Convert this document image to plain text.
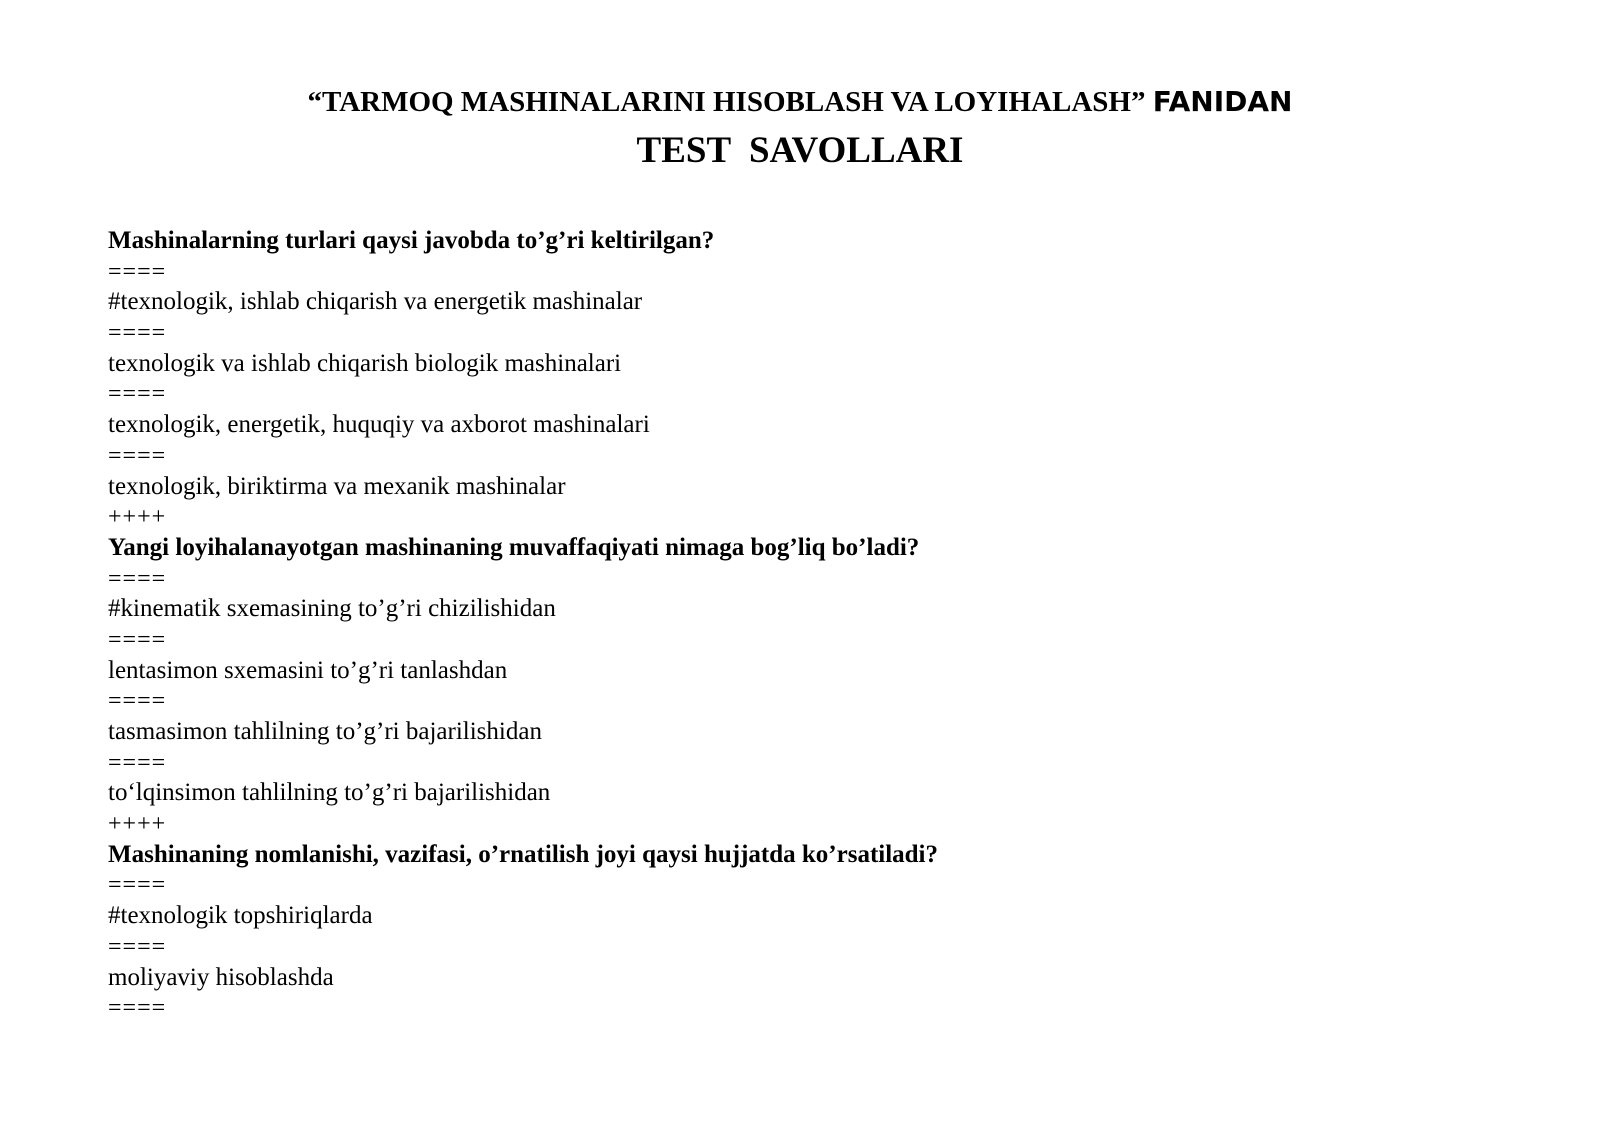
“TARMOQ MASHINALARINI HISOBLASH VA LOYIHALASH” FANIDAN
TEST  SAVOLLARI
Mashinalarning turlari qaysi javobda to’g’ri keltirilgan?
====
#texnologik, ishlab chiqarish va energetik mashinalar
====
texnologik va ishlab chiqarish biologik mashinalari
====
texnologik, energetik, huquqiy va axborot mashinalari
====
texnologik, biriktirma va mexanik mashinalar
++++
Yangi loyihalanayotgan mashinaning muvaffaqiyati nimaga bog’liq bo’ladi?
====
#kinematik sxemasining to’g’ri chizilishidan
====
lentasimon sxemasini to’g’ri tanlashdan
====
tasmasimon tahlilning to’g’ri bajarilishidan
====
to‘lqinsimon tahlilning to’g’ri bajarilishidan
++++
Mashinaning nomlanishi, vazifasi, o’rnatilish joyi qaysi hujjatda ko’rsatiladi?
====
#texnologik topshiriqlarda
====
moliyaviy hisoblashda
====
